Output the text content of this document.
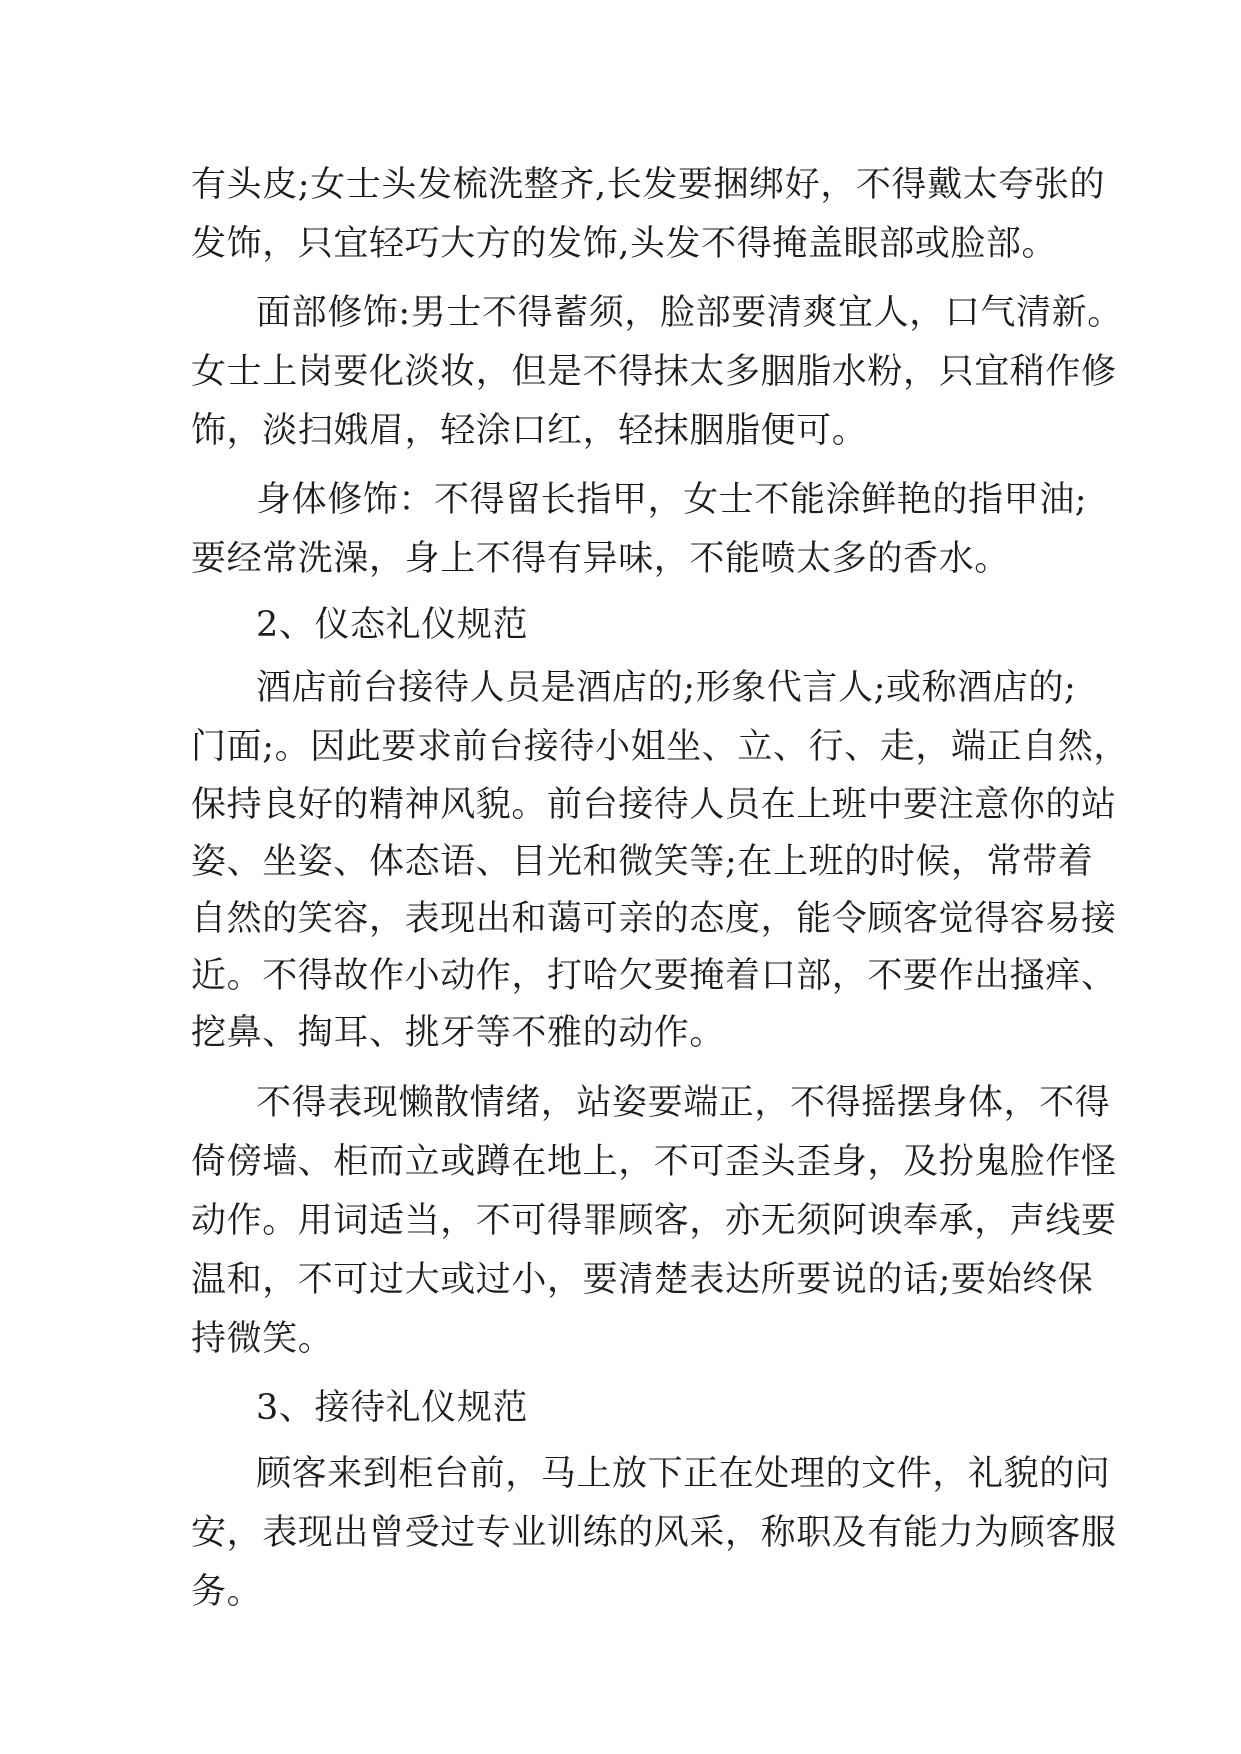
有头皮;女士头发梳洗整齐,长发要捆绑好，不得戴太夸张的
发饰，只宜轻巧大方的发饰,头发不得掩盖眼部或脸部。
面部修饰:男士不得蓄须，脸部要清爽宜人，口气清新。
女士上岗要化淡妆，但是不得抹太多胭脂水粉，只宜稍作修
饰，淡扫娥眉，轻涂口红，轻抹胭脂便可。
身体修饰：不得留长指甲，女士不能涂鲜艳的指甲油;
要经常洗澡，身上不得有异味，不能喷太多的香水。
2、仪态礼仪规范
酒店前台接待人员是酒店的;形象代言人;或称酒店的;
门面;。因此要求前台接待小姐坐、立、行、走，端正自然，
保持良好的精神风貌。前台接待人员在上班中要注意你的站
姿、坐姿、体态语、目光和微笑等;在上班的时候，常带着
自然的笑容，表现出和蔼可亲的态度，能令顾客觉得容易接
近。不得故作小动作，打哈欠要掩着口部，不要作出搔痒、
挖鼻、掏耳、挑牙等不雅的动作。
不得表现懒散情绪，站姿要端正，不得摇摆身体，不得
倚傍墙、柜而立或蹲在地上，不可歪头歪身，及扮鬼脸作怪
动作。用词适当，不可得罪顾客，亦无须阿谀奉承，声线要
温和，不可过大或过小，要清楚表达所要说的话;要始终保
持微笑。
3、接待礼仪规范
顾客来到柜台前，马上放下正在处理的文件，礼貌的问
安，表现出曾受过专业训练的风采，称职及有能力为顾客服
务。
